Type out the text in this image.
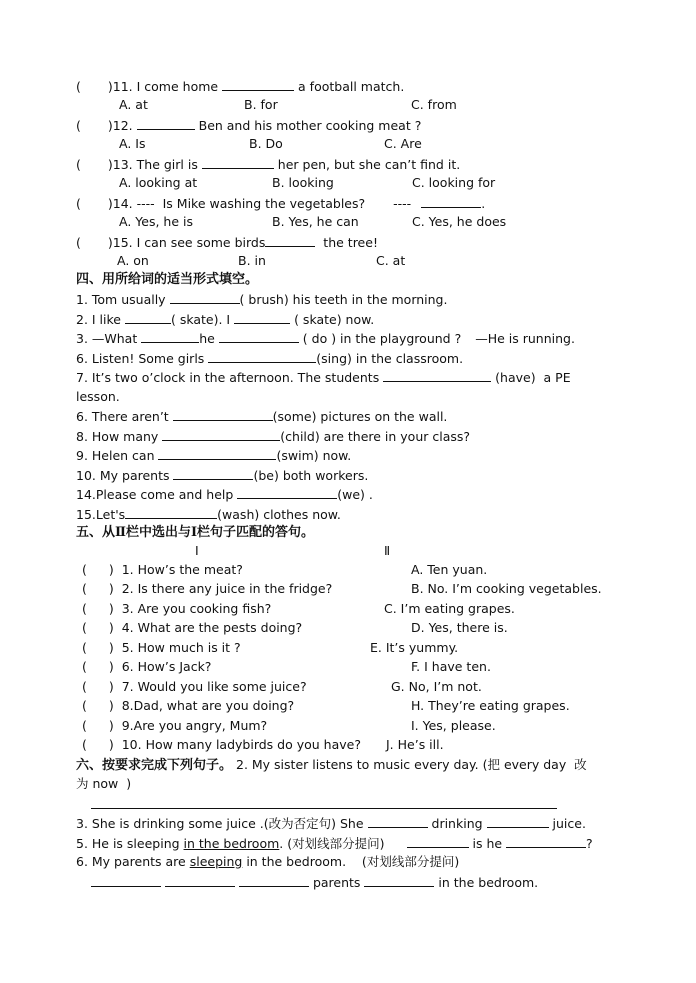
( )11. I come home	a football match.
A. at	B. for	C. from
( )12.	Ben and his mother cooking meat ?
A. Is	B. Do	C. Are
( )13. The girl is	her pen, but she can’t find it.
A. looking at	B. looking	C. looking for
( )14. ----  Is Mike washing the vegetables? ----	.
A. Yes, he is	B. Yes, he can	C. Yes, he does
( )15. I can see some birds	the tree!
A. on	B. in	C. at
四、用所给词的适当形式填空。
1. Tom usually	( brush) his teeth in the morning.
2. I like	( skate). I	( skate) now.
3. —What	he	( do ) in the playground ? —He is running.
6. Listen! Some girls	(sing) in the classroom.
7. It’s two o’clock in the afternoon. The students	(have)  a PE
lesson.
6. There aren’t	(some) pictures on the wall.
8. How many	(child) are there in your class?
9. Helen can	(swim) now.
10. My parents	(be) both workers.
14.Please come and help	(we) .
15.Let's	(wash) clothes now.
五、从Ⅱ栏中选出与Ⅰ栏句子匹配的答句。
Ⅰ	Ⅱ
( )  1. How’s the meat?	A. Ten yuan.
( )  2. Is there any juice in the fridge?	B. No. I’m cooking vegetables.
( )  3. Are you cooking fish?	C. I’m eating grapes.
( )  4. What are the pests doing?	D. Yes, there is.
( )  5. How much is it ?	E. It’s yummy.
( )  6. How’s Jack?	F. I have ten.
( )  7. Would you like some juice?	G. No, I’m not.
( )  8.Dad, what are you doing?	H. They’re eating grapes.
( )  9.Are you angry, Mum?	I. Yes, please.
( )  10. How many ladybirds do you have? J. He’s ill.
六、按要求完成下列句子。 2. My sister listens to music every day. (把 every day  改
为 now  )
3. She is drinking some juice .(改为否定句) She	drinking	juice.
5. He is sleeping in the bedroom. (对划线部分提问)	is he	?
6. My parents are sleeping in the bedroom.    (对划线部分提问)
parents	in the bedroom.
